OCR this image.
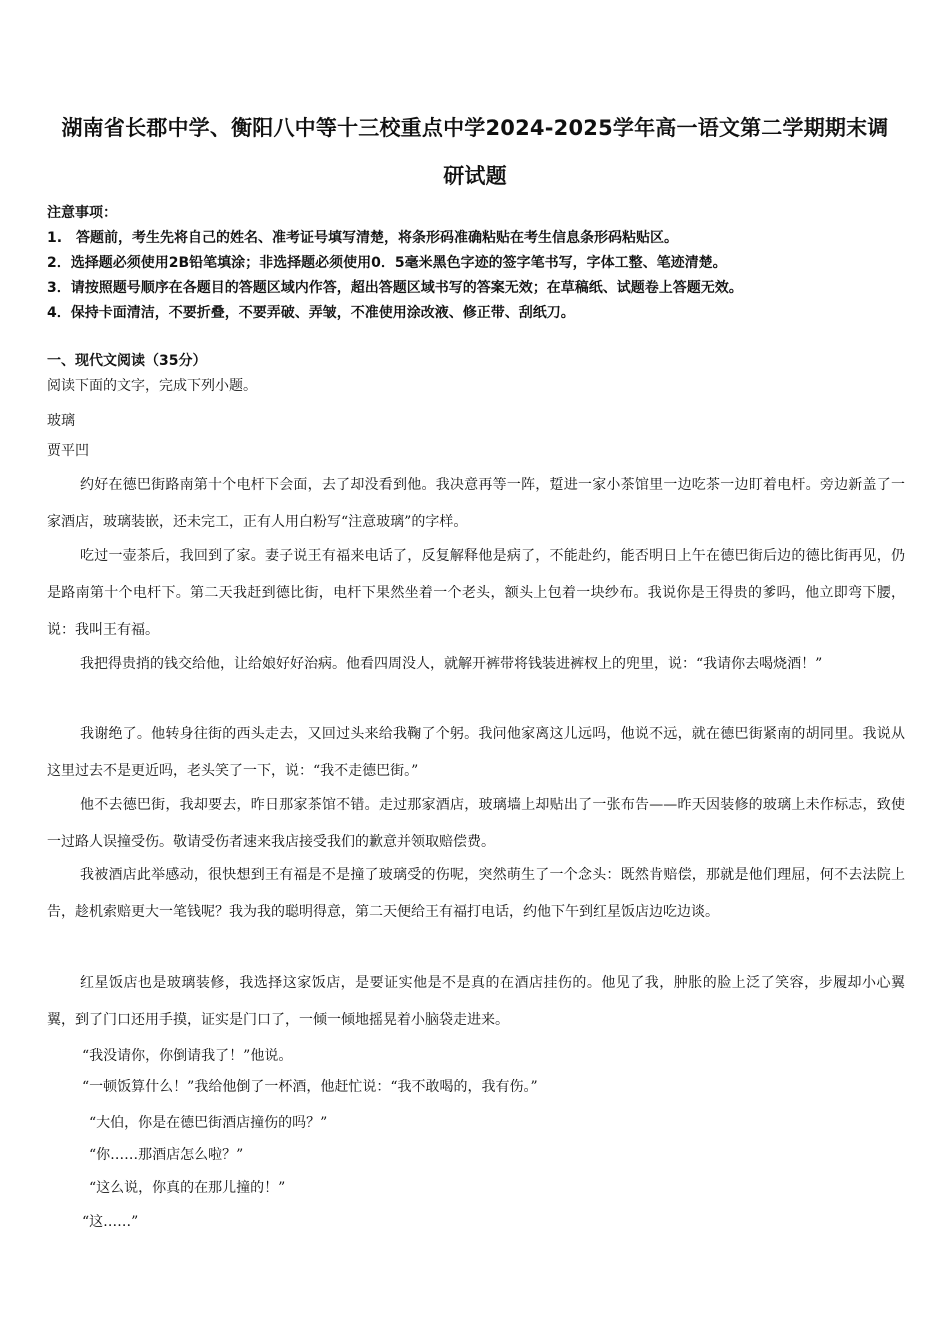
湖南省长郡中学、衡阳八中等十三校重点中学2024-2025学年高一语文第二学期期末调
研试题
注意事项：
1.　答题前，考生先将自己的姓名、准考证号填写清楚，将条形码准确粘贴在考生信息条形码粘贴区。
2．选择题必须使用2B铅笔填涂；非选择题必须使用0．5毫米黑色字迹的签字笔书写，字体工整、笔迹清楚。
3．请按照题号顺序在各题目的答题区域内作答，超出答题区域书写的答案无效；在草稿纸、试题卷上答题无效。
4．保持卡面清洁，不要折叠，不要弄破、弄皱，不准使用涂改液、修正带、刮纸刀。
一、现代文阅读（35分）
阅读下面的文字，完成下列小题。
玻璃
贾平凹

约好在德巴街路南第十个电杆下会面，去了却没看到他。我决意再等一阵，踅进一家小茶馆里一边吃茶一边盯着电杆。旁边新盖了一家酒店，玻璃装嵌，还未完工，正有人用白粉写“注意玻璃”的字样。

吃过一壶茶后，我回到了家。妻子说王有福来电话了，反复解释他是病了，不能赴约，能否明日上午在德巴街后边的德比街再见，仍是路南第十个电杆下。第二天我赶到德比街，电杆下果然坐着一个老头，额头上包着一块纱布。我说你是王得贵的爹吗，他立即弯下腰，说：我叫王有福。

我把得贵捎的钱交给他，让给娘好好治病。他看四周没人，就解开裤带将钱装进裤杈上的兜里，说：“我请你去喝烧酒！”

我谢绝了。他转身往街的西头走去，又回过头来给我鞠了个躬。我问他家离这儿远吗，他说不远，就在德巴街紧南的胡同里。我说从这里过去不是更近吗，老头笑了一下，说：“我不走德巴街。”

他不去德巴街，我却要去，昨日那家茶馆不错。走过那家酒店，玻璃墙上却贴出了一张布告——昨天因装修的玻璃上未作标志，致使一过路人误撞受伤。敬请受伤者速来我店接受我们的歉意并领取赔偿费。

我被酒店此举感动，很快想到王有福是不是撞了玻璃受的伤呢，突然萌生了一个念头：既然肯赔偿，那就是他们理屈，何不去法院上告，趁机索赔更大一笔钱呢？我为我的聪明得意，第二天便给王有福打电话，约他下午到红星饭店边吃边谈。

红星饭店也是玻璃装修，我选择这家饭店，是要证实他是不是真的在酒店挂伤的。他见了我，肿胀的脸上泛了笑容，步履却小心翼翼，到了门口还用手摸，证实是门口了，一倾一倾地摇晃着小脑袋走进来。

“我没请你，你倒请我了！”他说。
“一顿饭算什么！”我给他倒了一杯酒，他赶忙说：“我不敢喝的，我有伤。”
“大伯，你是在德巴街酒店撞伤的吗？”
“你……那酒店怎么啦？”
“这么说，你真的在那儿撞的！”
“这……”
